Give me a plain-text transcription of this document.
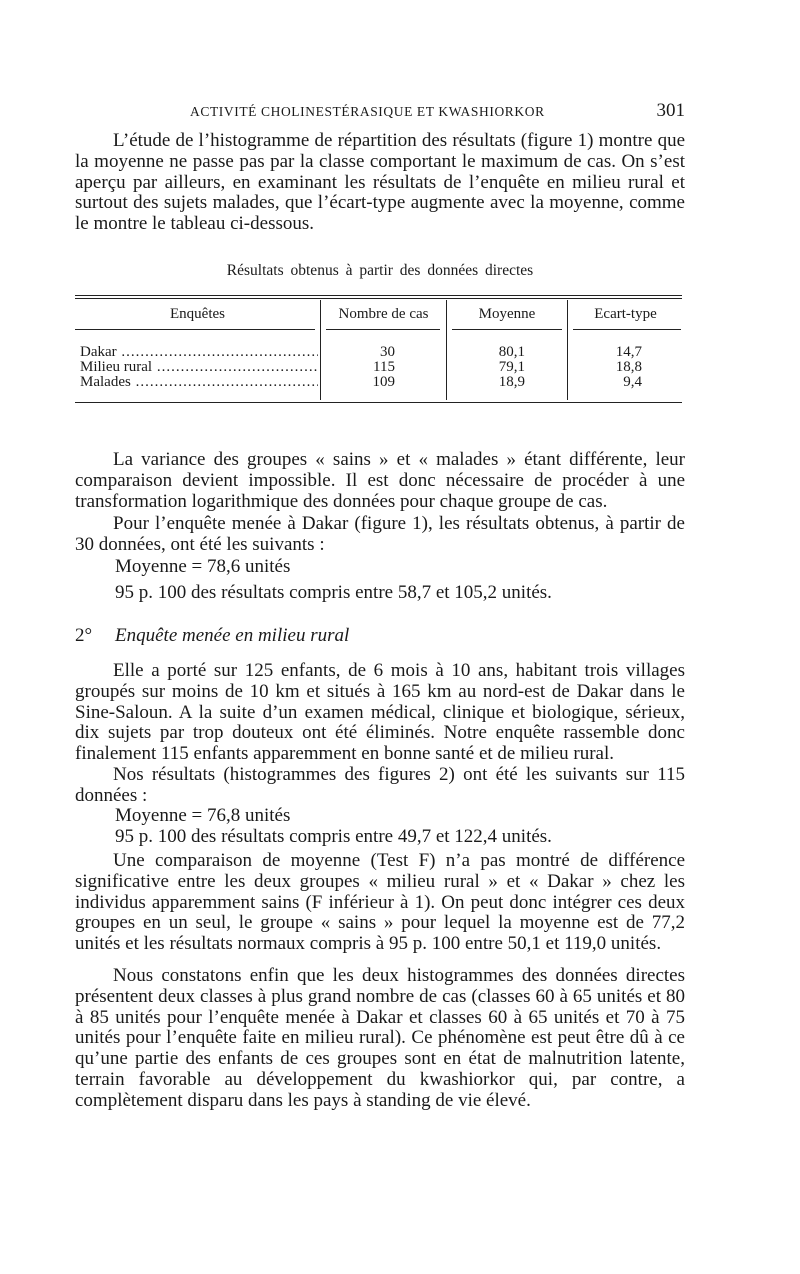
ACTIVITÉ CHOLINESTÉRASIQUE ET KWASHIORKOR	301

L’étude de l’histogramme de répartition des résultats (figure 1) montre que la moyenne ne passe pas par la classe comportant le maximum de cas. On s’est aperçu par ailleurs, en examinant les résultats de l’enquête en milieu rural et surtout des sujets malades, que l’écart-type augmente avec la moyenne, comme le montre le tableau ci-dessous.

Résultats obtenus à partir des données directes
Enquêtes	Nombre de cas	Moyenne	Ecart-type
Dakar .....	30	80,1	14,7
Milieu rural .....	115	79,1	18,8
Malades .....	109	18,9	9,4

La variance des groupes « sains » et « malades » étant différente, leur comparaison devient impossible. Il est donc nécessaire de procéder à une transformation logarithmique des données pour chaque groupe de cas.

Pour l’enquête menée à Dakar (figure 1), les résultats obtenus, à partir de 30 données, ont été les suivants :

Moyenne = 78,6 unités
95 p. 100 des résultats compris entre 58,7 et 105,2 unités.
2° Enquête menée en milieu rural

Elle a porté sur 125 enfants, de 6 mois à 10 ans, habitant trois villages groupés sur moins de 10 km et situés à 165 km au nord-est de Dakar dans le Sine-Saloun. A la suite d’un examen médical, clinique et biologique, sérieux, dix sujets par trop douteux ont été éliminés. Notre enquête rassemble donc finalement 115 enfants apparemment en bonne santé et de milieu rural.

Nos résultats (histogrammes des figures 2) ont été les suivants sur 115 données :

Moyenne = 76,8 unités
95 p. 100 des résultats compris entre 49,7 et 122,4 unités.

Une comparaison de moyenne (Test F) n’a pas montré de différence significative entre les deux groupes « milieu rural » et « Dakar » chez les individus apparemment sains (F inférieur à 1). On peut donc intégrer ces deux groupes en un seul, le groupe « sains » pour lequel la moyenne est de 77,2 unités et les résultats normaux compris à 95 p. 100 entre 50,1 et 119,0 unités.

Nous constatons enfin que les deux histogrammes des données directes présentent deux classes à plus grand nombre de cas (classes 60 à 65 unités et 80 à 85 unités pour l’enquête menée à Dakar et classes 60 à 65 unités et 70 à 75 unités pour l’enquête faite en milieu rural). Ce phénomène est peut être dû à ce qu’une partie des enfants de ces groupes sont en état de malnutrition latente, terrain favorable au développement du kwashiorkor qui, par contre, a complètement disparu dans les pays à standing de vie élevé.
